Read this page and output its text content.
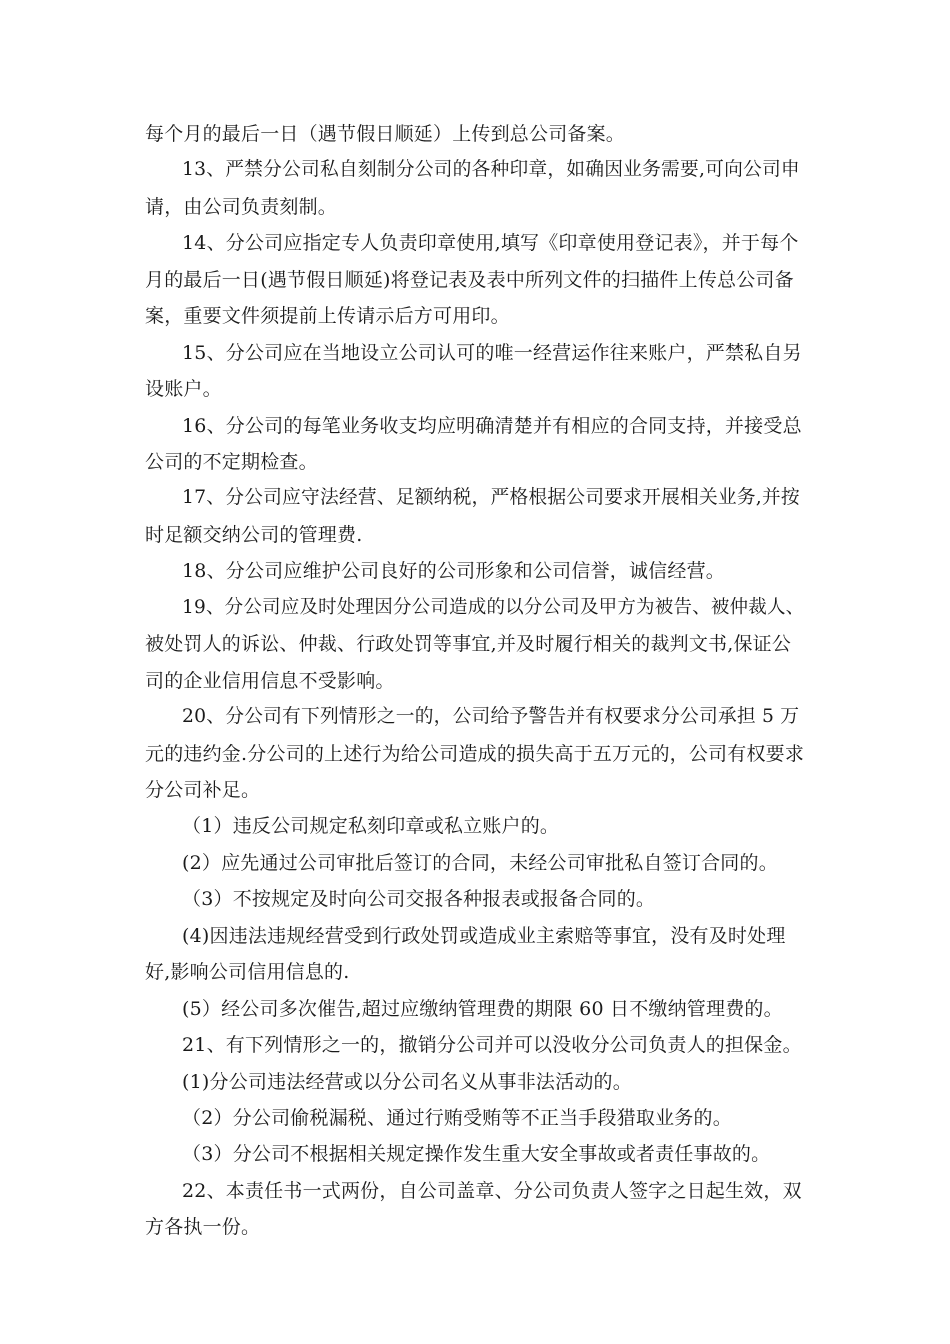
每个月的最后一日（遇节假日顺延）上传到总公司备案。
13、严禁分公司私自刻制分公司的各种印章，如确因业务需要,可向公司申
请，由公司负责刻制。
14、分公司应指定专人负责印章使用,填写《印章使用登记表》，并于每个
月的最后一日(遇节假日顺延)将登记表及表中所列文件的扫描件上传总公司备
案，重要文件须提前上传请示后方可用印。
15、分公司应在当地设立公司认可的唯一经营运作往来账户，严禁私自另
设账户。
16、分公司的每笔业务收支均应明确清楚并有相应的合同支持，并接受总
公司的不定期检查。
17、分公司应守法经营、足额纳税，严格根据公司要求开展相关业务,并按
时足额交纳公司的管理费.
18、分公司应维护公司良好的公司形象和公司信誉，诚信经营。
19、分公司应及时处理因分公司造成的以分公司及甲方为被告、被仲裁人、
被处罚人的诉讼、仲裁、行政处罚等事宜,并及时履行相关的裁判文书,保证公
司的企业信用信息不受影响。
20、分公司有下列情形之一的，公司给予警告并有权要求分公司承担 5 万
元的违约金.分公司的上述行为给公司造成的损失高于五万元的，公司有权要求
分公司补足。
（1）违反公司规定私刻印章或私立账户的。
(2）应先通过公司审批后签订的合同，未经公司审批私自签订合同的。
（3）不按规定及时向公司交报各种报表或报备合同的。
(4)因违法违规经营受到行政处罚或造成业主索赔等事宜，没有及时处理
好,影响公司信用信息的.
(5）经公司多次催告,超过应缴纳管理费的期限 60 日不缴纳管理费的。
21、有下列情形之一的，撤销分公司并可以没收分公司负责人的担保金。
(1)分公司违法经营或以分公司名义从事非法活动的。
（2）分公司偷税漏税、通过行贿受贿等不正当手段猎取业务的。
（3）分公司不根据相关规定操作发生重大安全事故或者责任事故的。
22、本责任书一式两份，自公司盖章、分公司负责人签字之日起生效，双
方各执一份。
